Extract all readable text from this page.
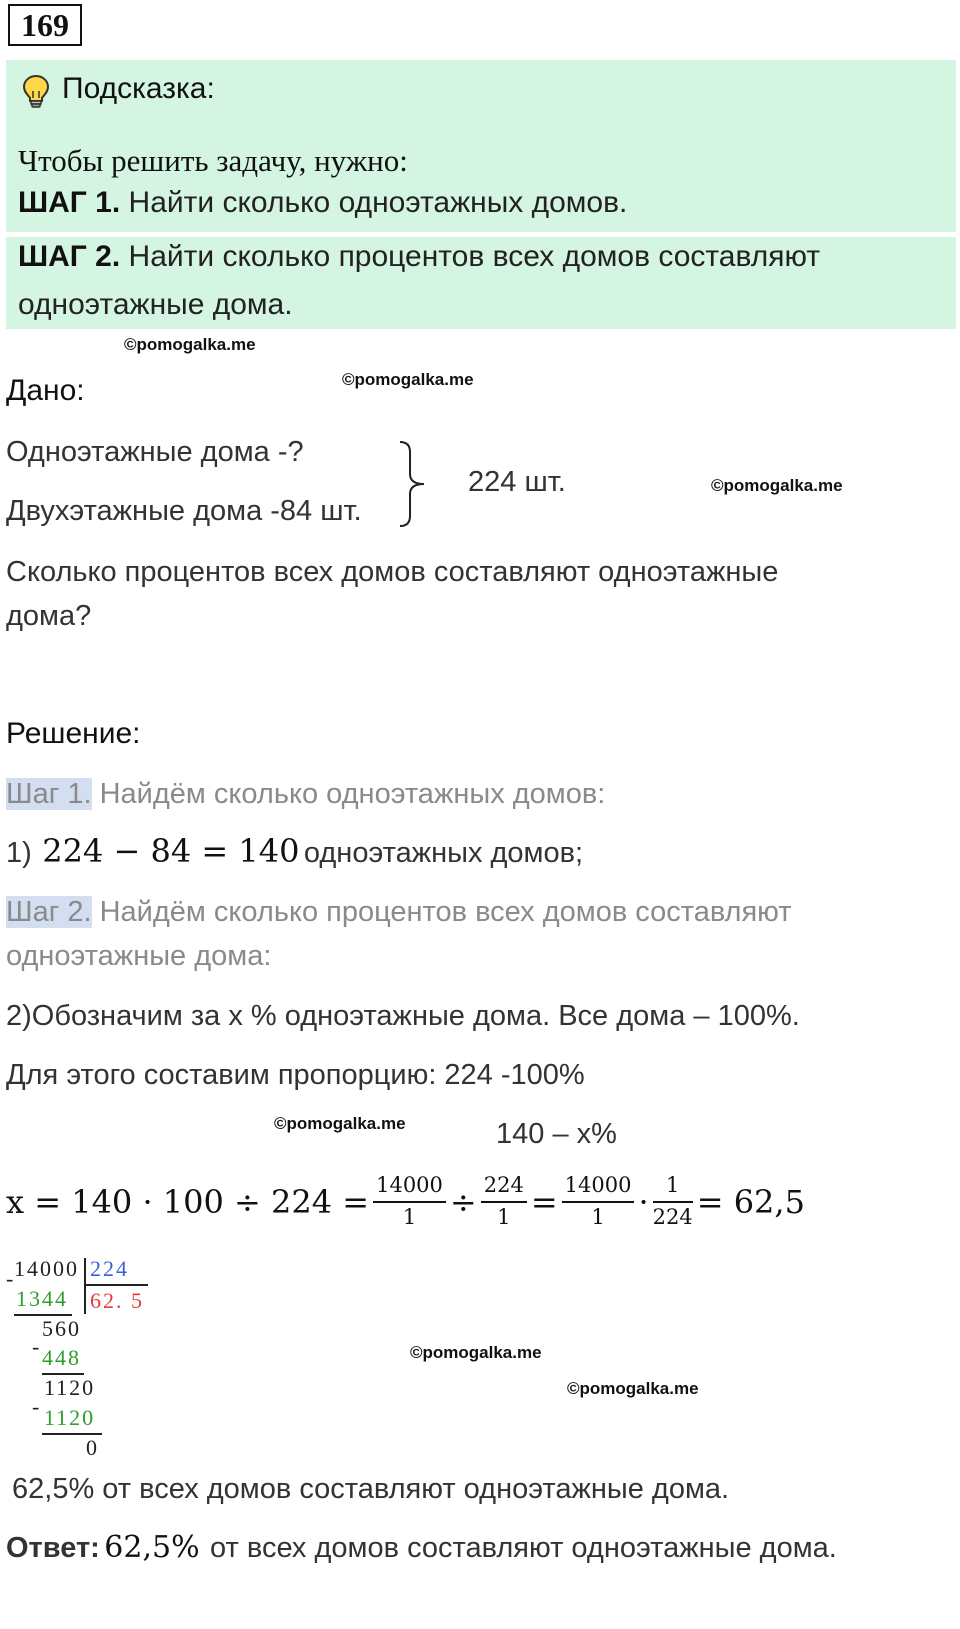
169
Подсказка:
Чтобы решить задачу, нужно:
ШАГ 1. Найти сколько одноэтажных домов.
ШАГ 2. Найти сколько процентов всех домов составляют
одноэтажные дома.
©pomogalka.me
©pomogalka.me
©pomogalka.me
©pomogalka.me
©pomogalka.me
©pomogalka.me
Дано:
Одноэтажные дома -?
Двухэтажные дома -84 шт.
224 шт.
Сколько процентов всех домов составляют одноэтажные
дома?
Решение:
Шаг 1. Найдём сколько одноэтажных домов:
1) 224 − 84 = 140 одноэтажных домов;
Шаг 2. Найдём сколько процентов всех домов составляют
одноэтажные дома:
2)Обозначим за х % одноэтажные дома. Все дома – 100%.
Для этого составим пропорцию: 224 -100%
140 – х%
$x = 140 \cdot 100 \div 224 = \frac{14000}{1} \div \frac{224}{1} = \frac{14000}{1} \cdot \frac{1}{224} = 62,5$
-
14000 224
62. 5
1344
560
- 448
1120
- 1120
0
62,5% от всех домов составляют одноэтажные дома.
Ответ: 62,5% от всех домов составляют одноэтажные дома.
